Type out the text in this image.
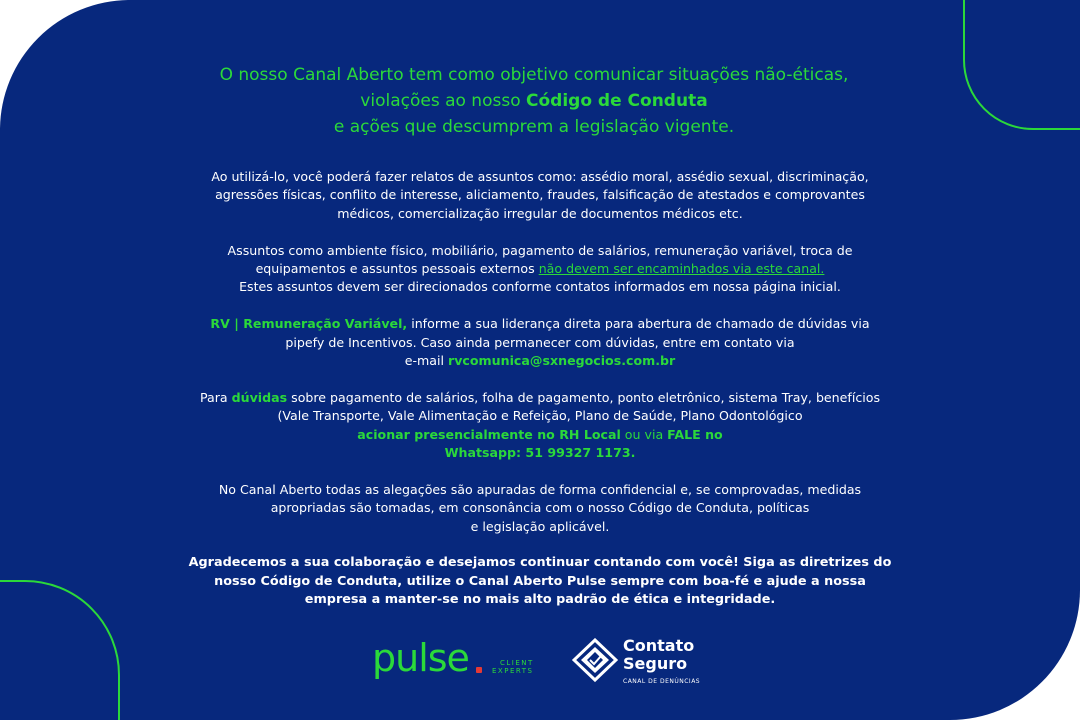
O nosso Canal Aberto tem como objetivo comunicar situações não-éticas,
violações ao nosso Código de Conduta
e ações que descumprem a legislação vigente.

Ao utilizá-lo, você poderá fazer relatos de assuntos como: assédio moral, assédio sexual, discriminação,
agressões físicas, conflito de interesse, aliciamento, fraudes, falsificação de atestados e comprovantes
médicos, comercialização irregular de documentos médicos etc.

Assuntos como ambiente físico, mobiliário, pagamento de salários, remuneração variável, troca de
equipamentos e assuntos pessoais externos não devem ser encaminhados via este canal.
Estes assuntos devem ser direcionados conforme contatos informados em nossa página inicial.

RV | Remuneração Variável, informe a sua liderança direta para abertura de chamado de dúvidas via
pipefy de Incentivos. Caso ainda permanecer com dúvidas, entre em contato via
e-mail rvcomunica@sxnegocios.com.br

Para dúvidas sobre pagamento de salários, folha de pagamento, ponto eletrônico, sistema Tray, benefícios
(Vale Transporte, Vale Alimentação e Refeição, Plano de Saúde, Plano Odontológico
acionar presencialmente no RH Local ou via FALE no
Whatsapp: 51 99327 1173.

No Canal Aberto todas as alegações são apuradas de forma confidencial e, se comprovadas, medidas
apropriadas são tomadas, em consonância com o nosso Código de Conduta, políticas
e legislação aplicável.

Agradecemos a sua colaboração e desejamos continuar contando com você! Siga as diretrizes do
nosso Código de Conduta, utilize o Canal Aberto Pulse sempre com boa-fé e ajude a nossa
empresa a manter-se no mais alto padrão de ética e integridade.

pulse	CLIENT
EXPERTS
Contato
Seguro
CANAL DE DENÚNCIAS
